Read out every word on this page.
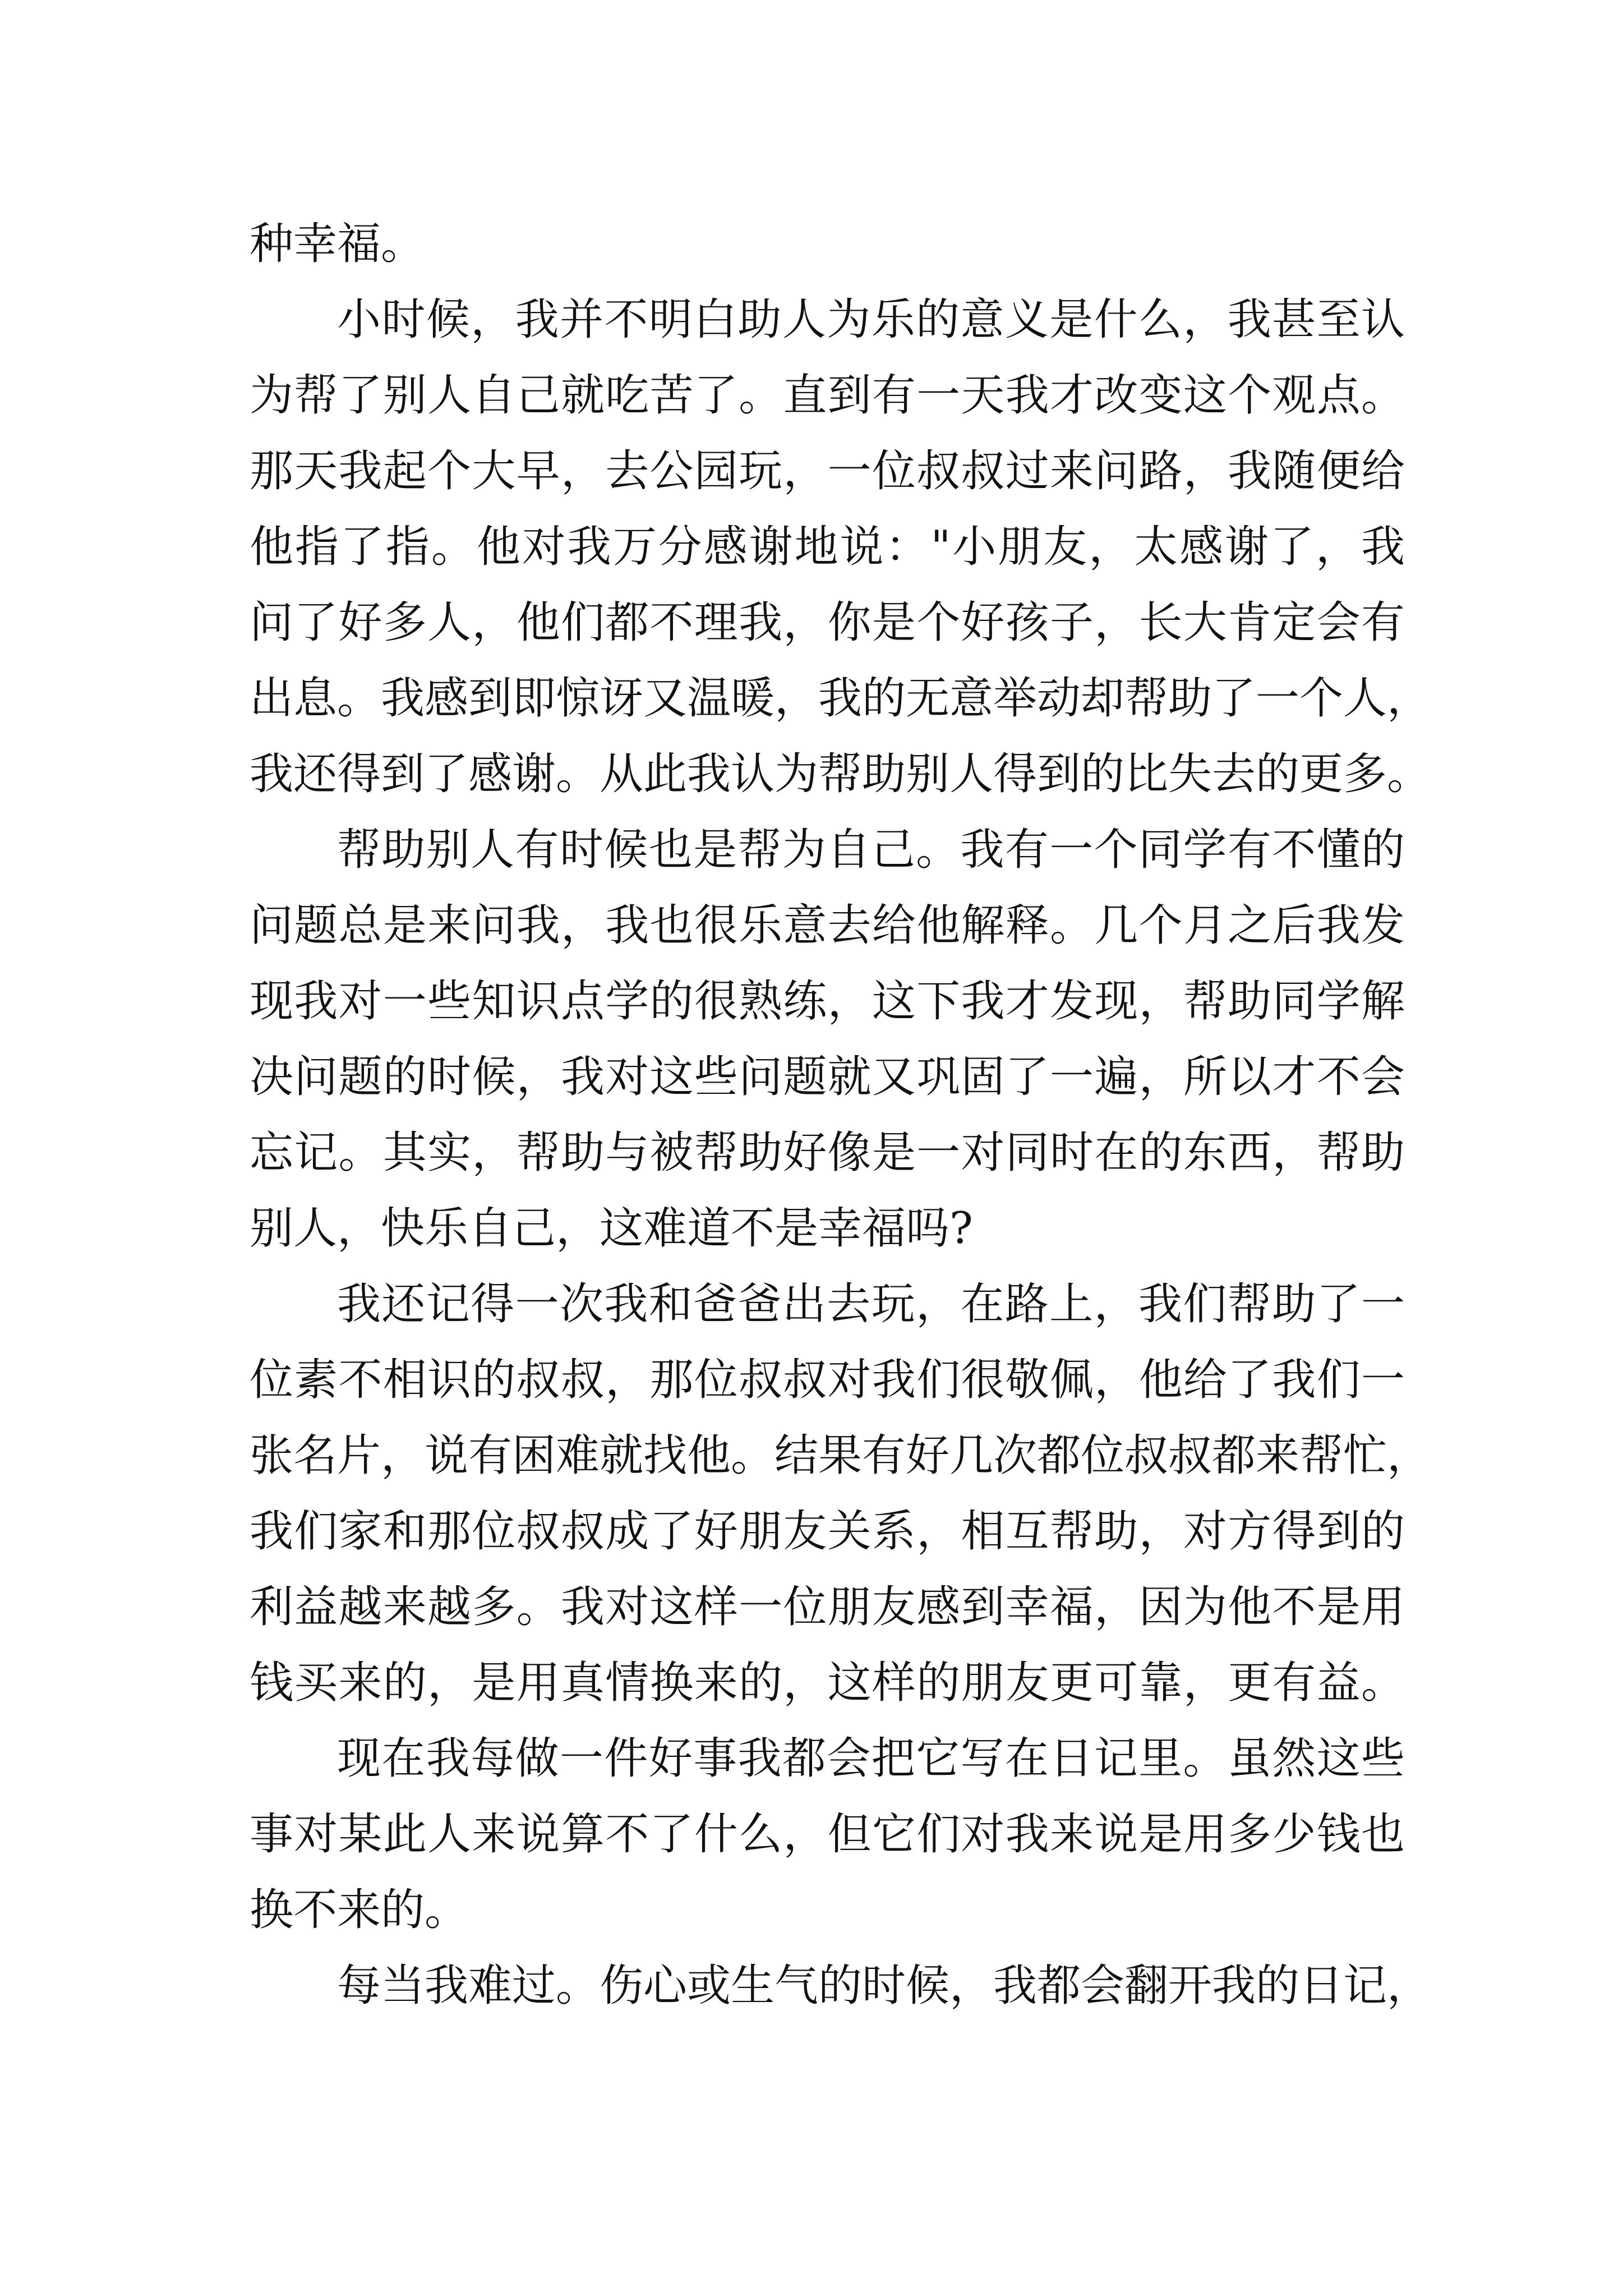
种幸福。
小时候，我并不明白助人为乐的意义是什么，我甚至认
为帮了别人自己就吃苦了。直到有一天我才改变这个观点。
那天我起个大早，去公园玩，一位叔叔过来问路，我随便给
他指了指。他对我万分感谢地说："小朋友，太感谢了，我
问了好多人，他们都不理我，你是个好孩子，长大肯定会有
出息。我感到即惊讶又温暖，我的无意举动却帮助了一个人，
我还得到了感谢。从此我认为帮助别人得到的比失去的更多。
帮助别人有时候也是帮为自己。我有一个同学有不懂的
问题总是来问我，我也很乐意去给他解释。几个月之后我发
现我对一些知识点学的很熟练，这下我才发现，帮助同学解
决问题的时候，我对这些问题就又巩固了一遍，所以才不会
忘记。其实，帮助与被帮助好像是一对同时在的东西，帮助
别人，快乐自己，这难道不是幸福吗?
我还记得一次我和爸爸出去玩，在路上，我们帮助了一
位素不相识的叔叔，那位叔叔对我们很敬佩，他给了我们一
张名片，说有困难就找他。结果有好几次都位叔叔都来帮忙，
我们家和那位叔叔成了好朋友关系，相互帮助，对方得到的
利益越来越多。我对这样一位朋友感到幸福，因为他不是用
钱买来的，是用真情换来的，这样的朋友更可靠，更有益。
现在我每做一件好事我都会把它写在日记里。虽然这些
事对某此人来说算不了什么，但它们对我来说是用多少钱也
换不来的。
每当我难过。伤心或生气的时候，我都会翻开我的日记，
